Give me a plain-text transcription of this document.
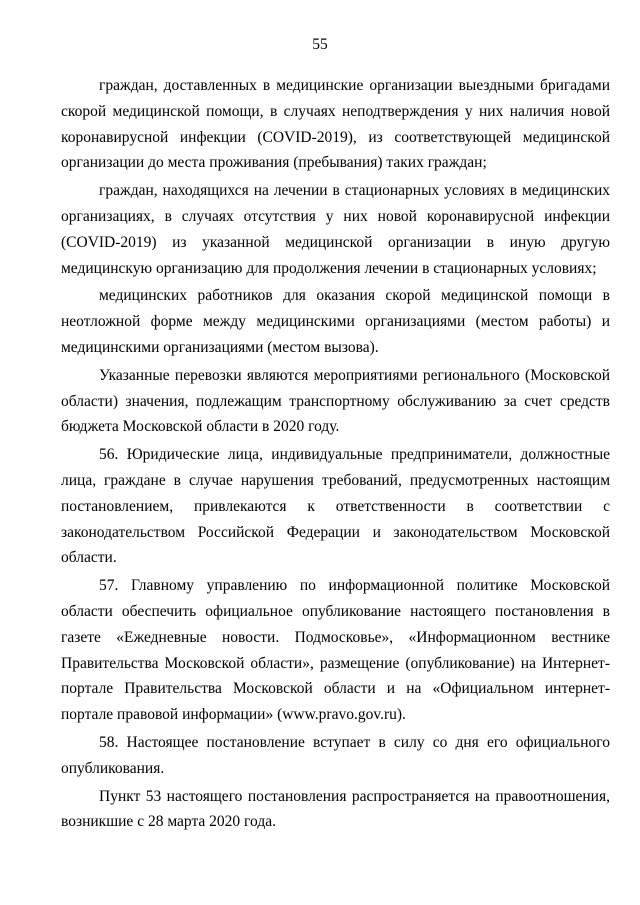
55

граждан, доставленных в медицинские организации выездными бригадами скорой медицинской помощи, в случаях неподтверждения у них наличия новой коронавирусной инфекции (COVID-2019), из соответствующей медицинской организации до места проживания (пребывания) таких граждан;

граждан, находящихся на лечении в стационарных условиях в медицинских организациях, в случаях отсутствия у них новой коронавирусной инфекции (COVID-2019) из указанной медицинской организации в иную другую медицинскую организацию для продолжения лечении в стационарных условиях;

медицинских работников для оказания скорой медицинской помощи в неотложной форме между медицинскими организациями (местом работы) и медицинскими организациями (местом вызова).

Указанные перевозки являются мероприятиями регионального (Московской области) значения, подлежащим транспортному обслуживанию за счет средств бюджета Московской области в 2020 году.

56. Юридические лица, индивидуальные предприниматели, должностные лица, граждане в случае нарушения требований, предусмотренных настоящим постановлением, привлекаются к ответственности в соответствии с законодательством Российской Федерации и законодательством Московской области.

57. Главному управлению по информационной политике Московской области обеспечить официальное опубликование настоящего постановления в газете «Ежедневные новости. Подмосковье», «Информационном вестнике Правительства Московской области», размещение (опубликование) на Интернет-портале Правительства Московской области и на «Официальном интернет-портале правовой информации» (www.pravo.gov.ru).

58. Настоящее постановление вступает в силу со дня его официального опубликования.

Пункт 53 настоящего постановления распространяется на правоотношения, возникшие с 28 марта 2020 года.
